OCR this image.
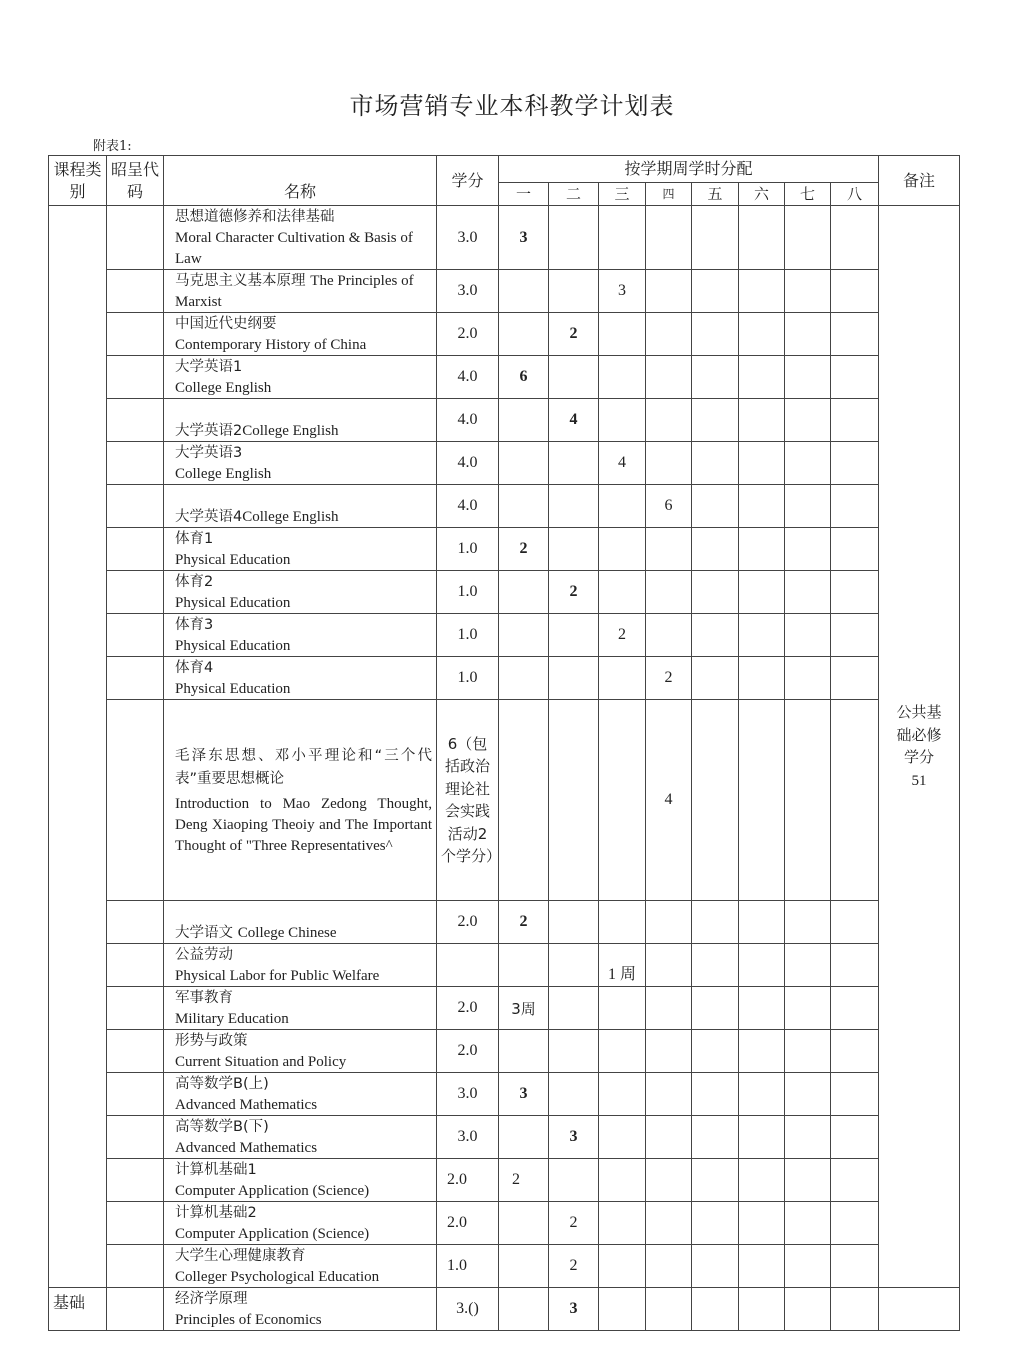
市场营销专业本科教学计划表
附表1:
课程类别	昭呈代码	名称	学分	按学期周学时分配								备注
				一	二	三	四	五	六	七	八	
		思想道德修养和法律基础
Moral Character Cultivation & Basis of Law	3.0	3								公共基础必修学分
51

		马克思主义基本原理 The Principles of Marxist	3.0			3						
		中国近代史纲要
Contemporary History of China	2.0		2							
		大学英语1
College English	4.0	6								
		大学英语2College English	4.0		4							
		大学英语3
College English	4.0			4						
		大学英语4College English	4.0				6					
		体育1
Physical Education	1.0	2								
		体育2
Physical Education	1.0		2							
		体育3
Physical Education	1.0			2						
		体育4
Physical Education	1.0				2					

		毛泽东思想、邓小平理论和“三个代表”重要思想概论
Introduction to Mao Zedong Thought, Deng Xiaoping Theoiy and The Important Thought of "Three Representatives^	6（包括政治理论社会实践活动2个学分）				4					
		大学语文 College Chinese	2.0	2								
		公益劳动
Physical Labor for Public Welfare				1 周						
		军事教育
Military Education	2.0	3周								
		形势与政策
Current Situation and Policy	2.0									
		高等数学B(上)
Advanced Mathematics	3.0	3								
		高等数学B(下)
Advanced Mathematics	3.0		3							
		计算机基础1
Computer Application (Science)	2.0	2								
		计算机基础2
Computer Application (Science)	2.0		2							
		大学生心理健康教育
Colleger Psychological Education	1.0		2							
基础		经济学原理
Principles of Economics	3.()		3							
